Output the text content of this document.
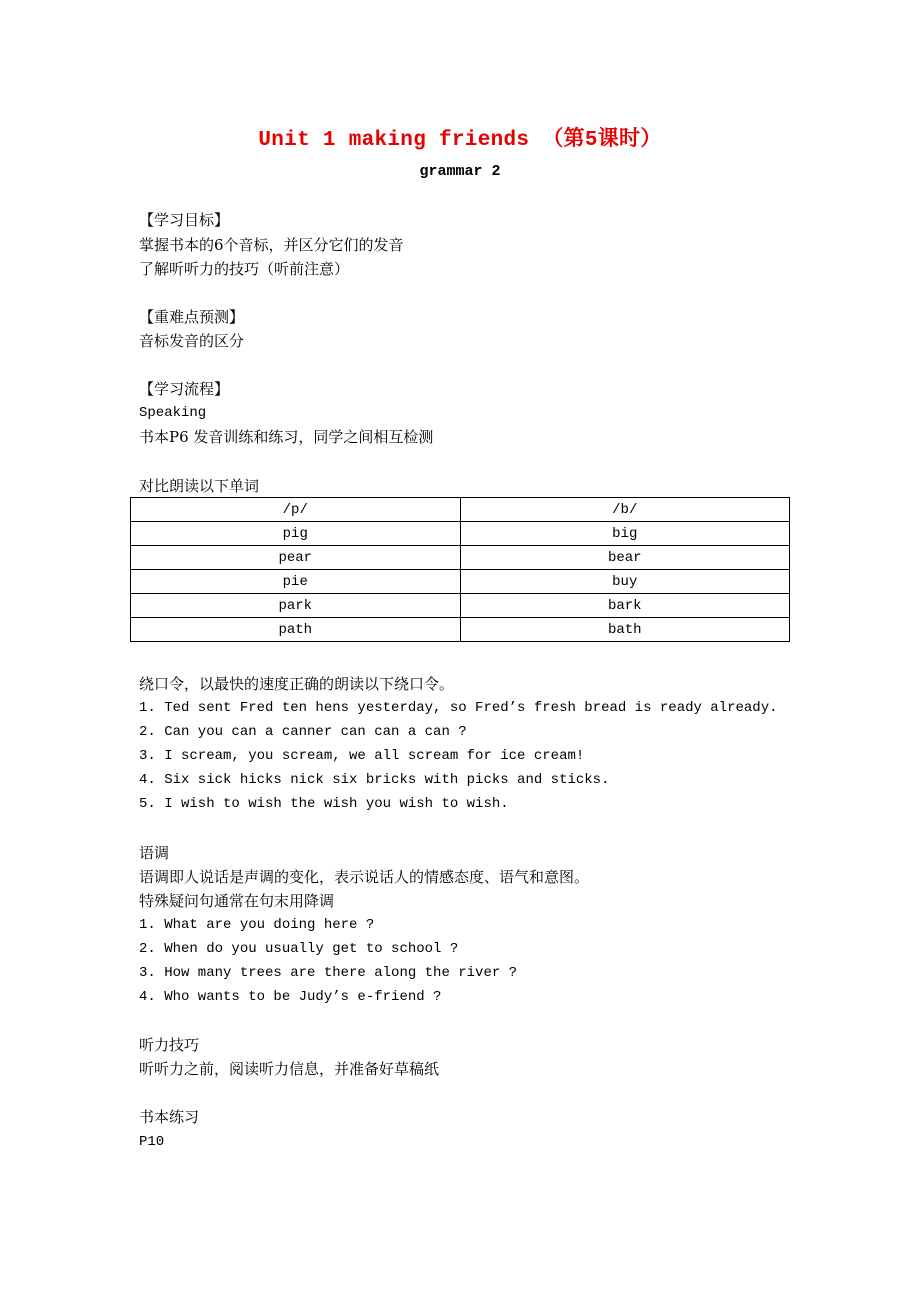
Unit 1 making friends （第5课时）
grammar 2
【学习目标】
掌握书本的6个音标，并区分它们的发音
了解听听力的技巧（听前注意）
【重难点预测】
音标发音的区分
【学习流程】
Speaking
书本P6 发音训练和练习，同学之间相互检测
对比朗读以下单词
/p/	/b/
pig	big
pear	bear
pie	buy
park	bark
path	bath
绕口令，以最快的速度正确的朗读以下绕口令。
1. Ted sent Fred ten hens yesterday, so Fred’s fresh bread is ready already.
2. Can you can a canner can can a can ?
3. I scream, you scream, we all scream for ice cream!
4. Six sick hicks nick six bricks with picks and sticks.
5. I wish to wish the wish you wish to wish.
语调
语调即人说话是声调的变化，表示说话人的情感态度、语气和意图。
特殊疑问句通常在句末用降调
1. What are you doing here ?
2. When do you usually get to school ?
3. How many trees are there along the river ?
4. Who wants to be Judy’s e-friend ?
听力技巧
听听力之前，阅读听力信息，并准备好草稿纸
书本练习
P10
